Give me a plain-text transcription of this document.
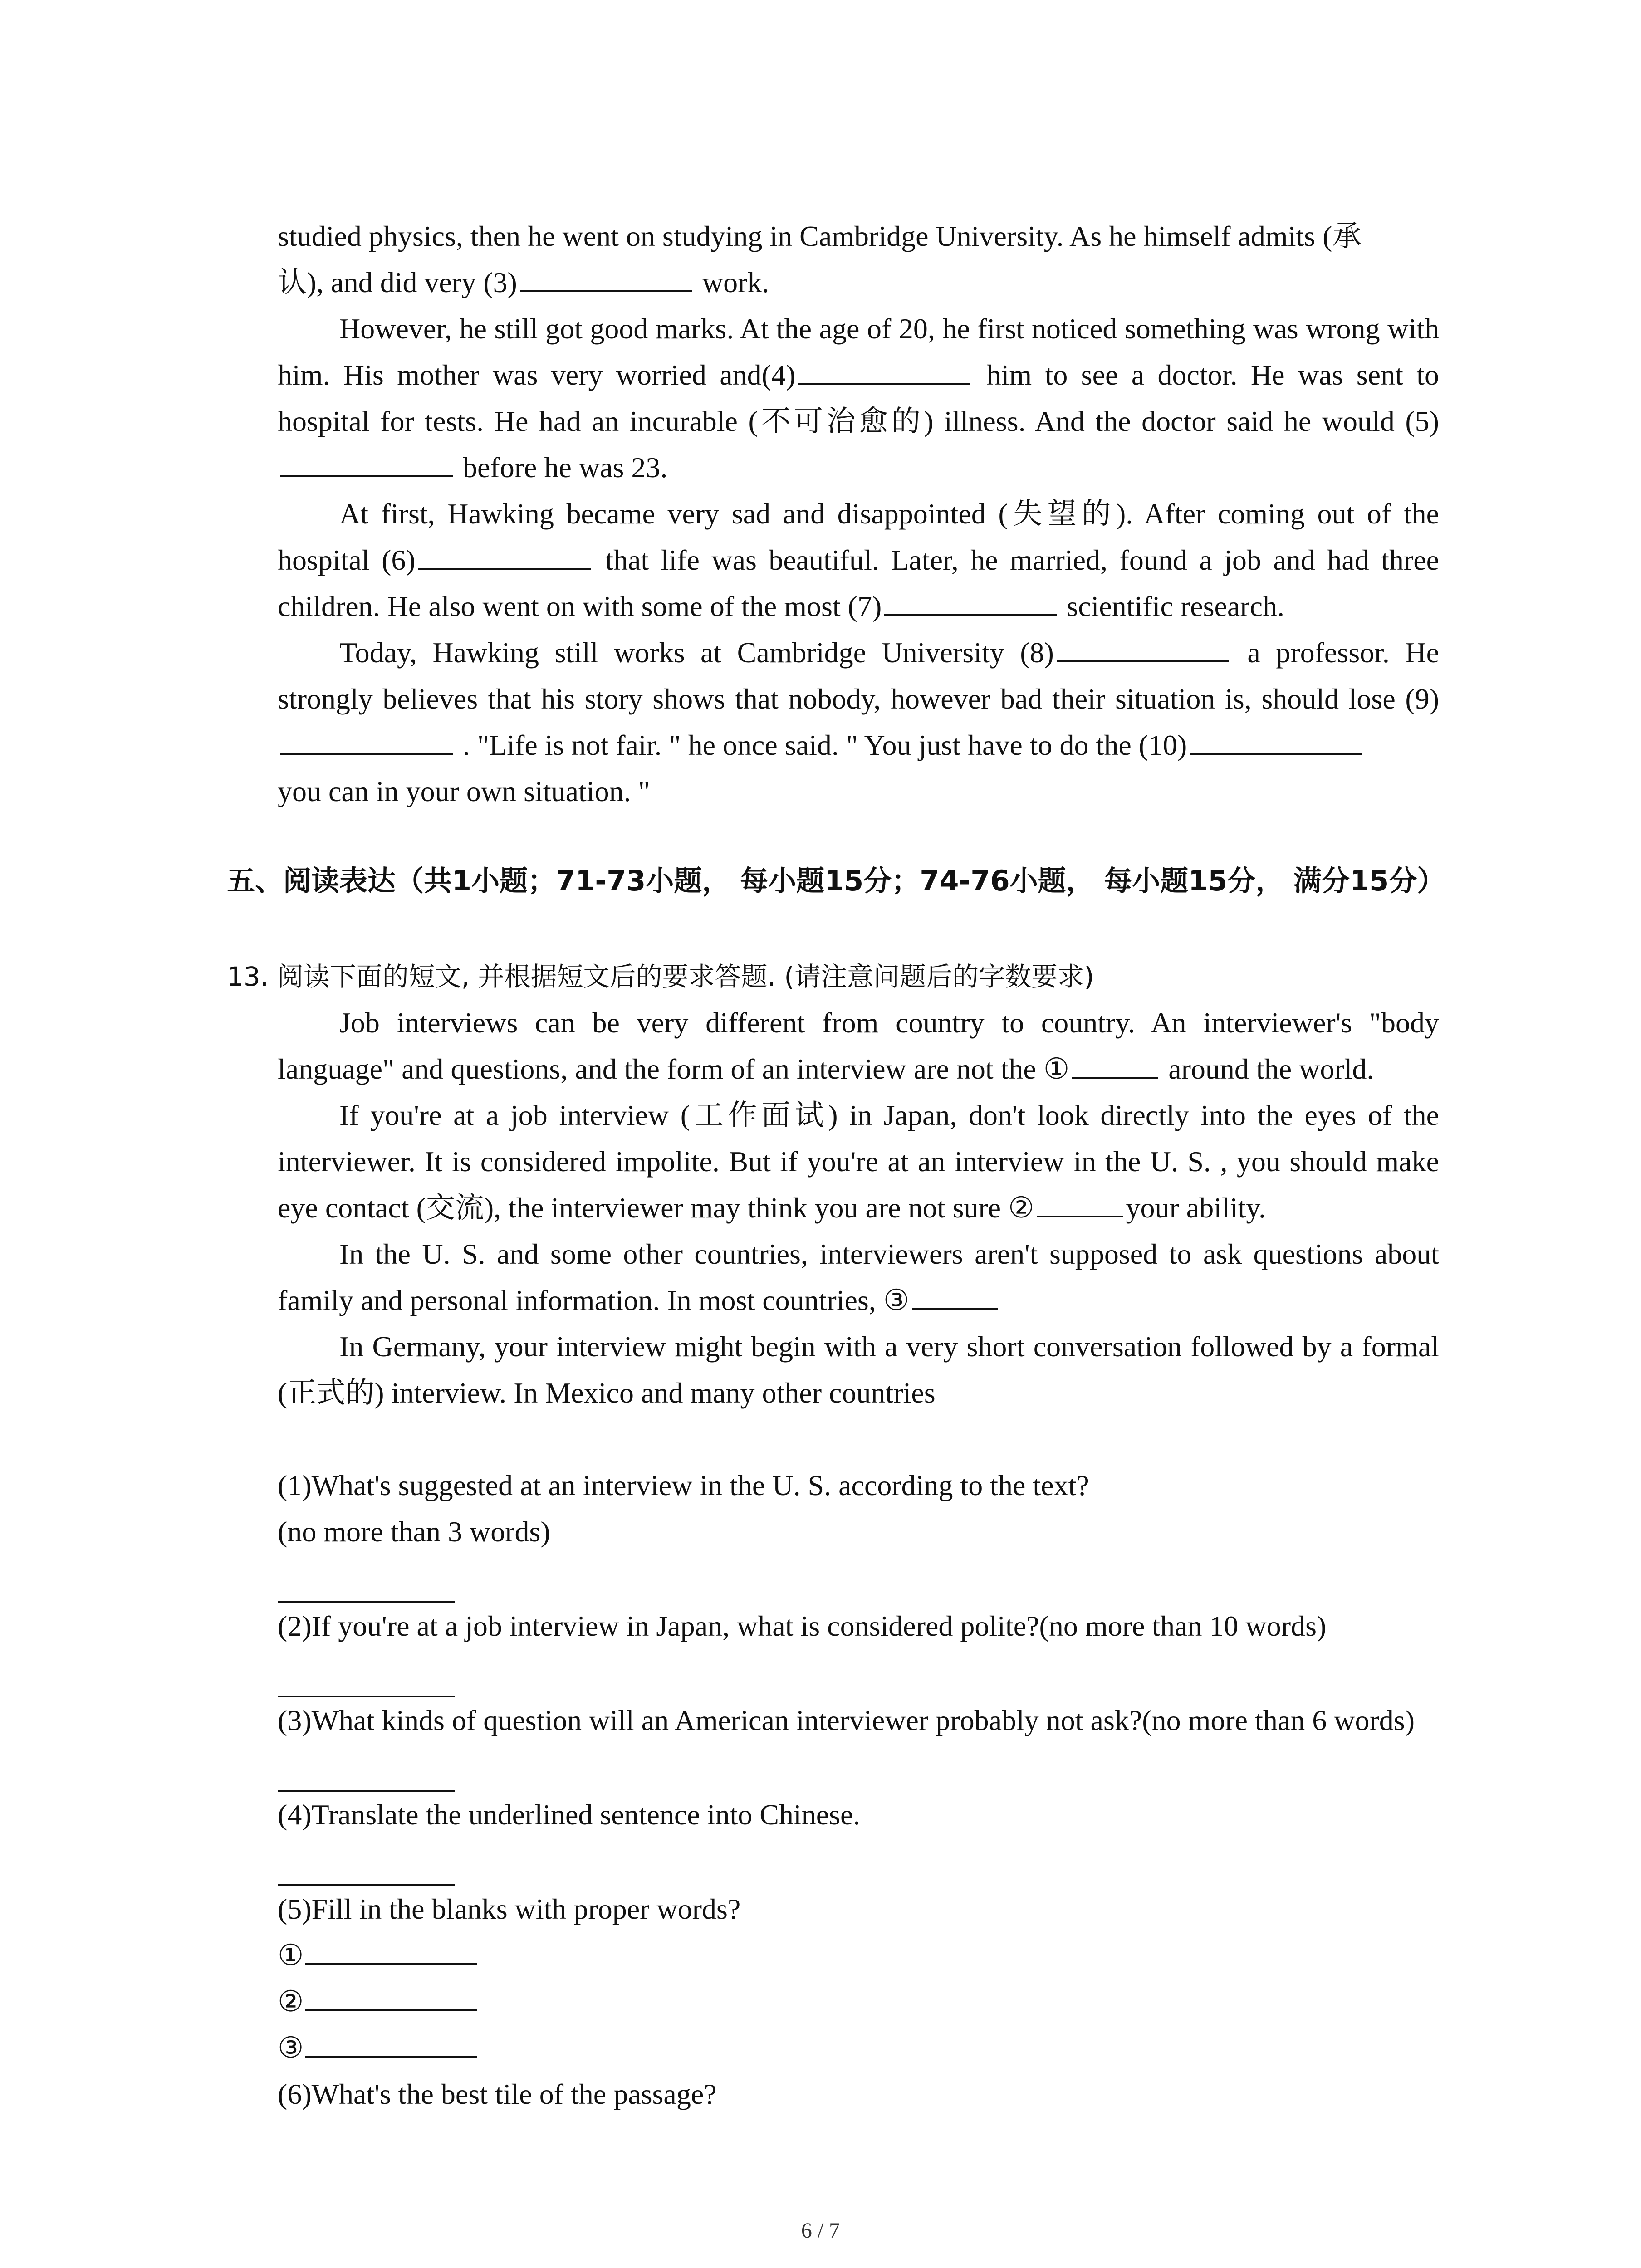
studied physics, then he went on studying in Cambridge University. As he himself admits (承
认), and did very (3)	work.

However, he still got good marks. At the age of 20, he first noticed something was wrong with him. His mother was very worried and(4)	him to see a doctor. He was sent to hospital for tests. He had an incurable (不可治愈的) illness. And the doctor said he would (5) before he was 23.

At first, Hawking became very sad and disappointed (失望的). After coming out of the hospital (6)	that life was beautiful. Later, he married, found a job and had three children. He also went on with some of the most (7)	scientific research.

Today, Hawking still works at Cambridge University (8)	a professor. He strongly believes that his story shows that nobody, however bad their situation is, should lose (9) . "Life is not fair. " he once said. " You just have to do the (10)
you can in your own situation. "

五、阅读表达（共1小题；71-73小题， 每小题15分；74-76小题， 每小题15分， 满分15分）

13. 阅读下面的短文, 并根据短文后的要求答题. (请注意问题后的字数要求)

Job interviews can be very different from country to country. An interviewer's "body language" and questions, and the form of an interview are not the ①	around the world.

If you're at a job interview (工作面试) in Japan, don't look directly into the eyes of the interviewer. It is considered impolite. But if you're at an interview in the U. S. , you should make eye contact (交流), the interviewer may think you are not sure ②	your ability.

In the U. S. and some other countries, interviewers aren't supposed to ask questions about family and personal information. In most countries, ③

In Germany, your interview might begin with a very short conversation followed by a formal (正式的) interview. In Mexico and many other countries

(1)What's suggested at an interview in the U. S. according to the text?
(no more than 3 words)

(2)If you're at a job interview in Japan, what is considered polite?(no more than 10 words)

(3)What kinds of question will an American interviewer probably not ask?(no more than 6 words)

(4)Translate the underlined sentence into Chinese.

(5)Fill in the blanks with proper words?

①

②

③

(6)What's the best tile of the passage?

6 / 7
